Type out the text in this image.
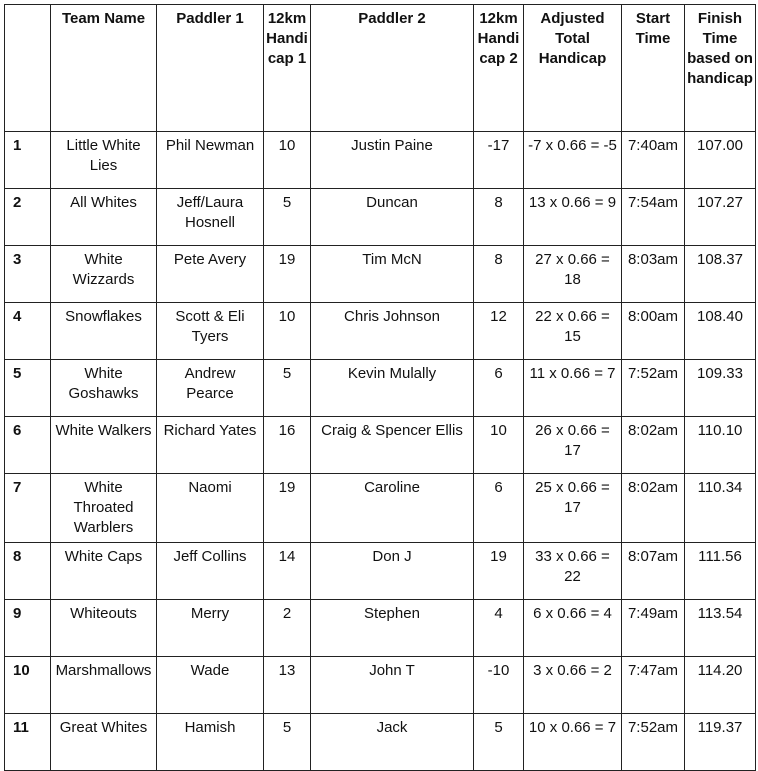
	Team Name	Paddler 1	12km Handicap 1	Paddler 2	12km Handicap 2	Adjusted Total Handicap	Start Time	Finish Time based on handicap
1	Little White Lies	Phil Newman	10	Justin Paine	-17	-7 x 0.66 = -5	7:40am	107.00
2	All Whites	Jeff/Laura Hosnell	5	Duncan	8	13 x 0.66 = 9	7:54am	107.27
3	White Wizzards	Pete Avery	19	Tim McN	8	27 x 0.66 = 18	8:03am	108.37
4	Snowflakes	Scott & Eli Tyers	10	Chris Johnson	12	22 x 0.66 = 15	8:00am	108.40
5	White Goshawks	Andrew Pearce	5	Kevin Mulally	6	11 x 0.66 = 7	7:52am	109.33
6	White Walkers	Richard Yates	16	Craig & Spencer Ellis	10	26 x 0.66 = 17	8:02am	110.10
7	White Throated Warblers	Naomi	19	Caroline	6	25 x 0.66 = 17	8:02am	110.34
8	White Caps	Jeff Collins	14	Don J	19	33 x 0.66 = 22	8:07am	111.56
9	Whiteouts	Merry	2	Stephen	4	6 x 0.66 = 4	7:49am	113.54
10	Marshmallows	Wade	13	John T	-10	3 x 0.66 = 2	7:47am	114.20
11	Great Whites	Hamish	5	Jack	5	10 x 0.66 = 7	7:52am	119.37
